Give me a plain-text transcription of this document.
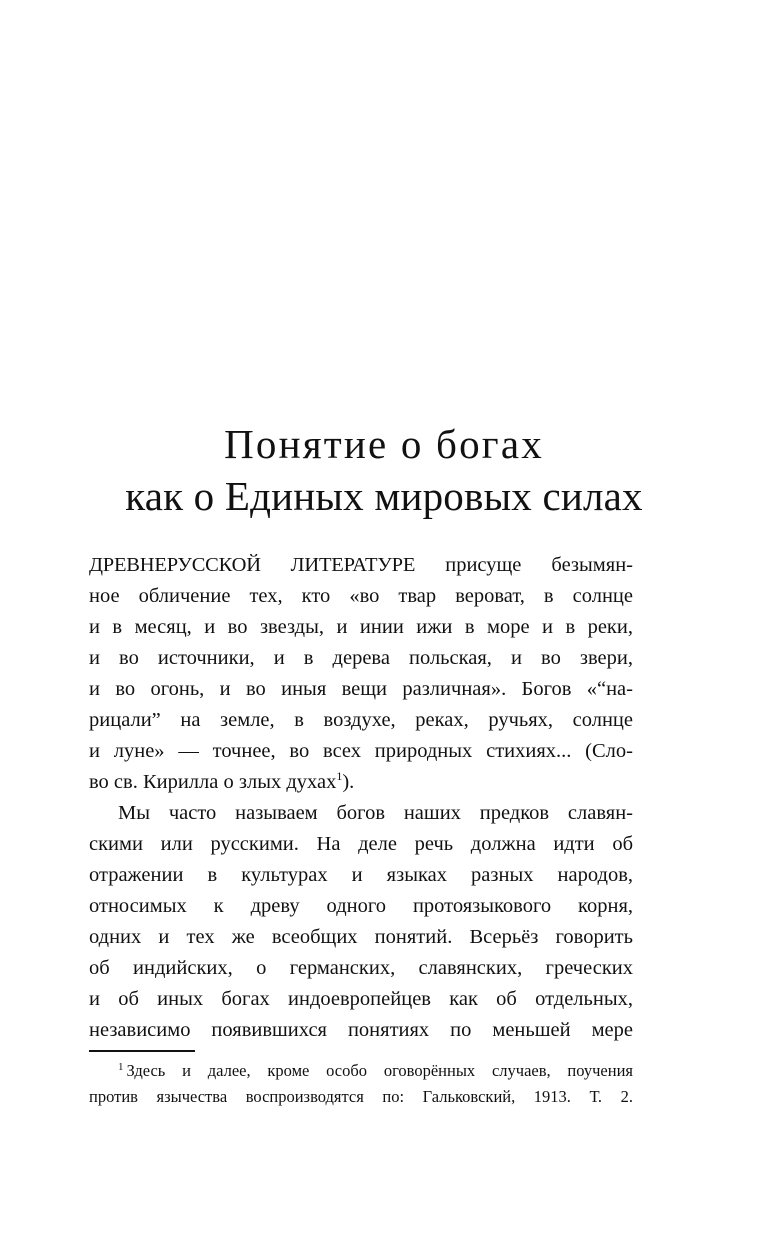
Понятие о богах
как о Единых мировых силах
ДРЕВНЕРУССКОЙ ЛИТЕРАТУРЕ присуще безымян-
ное обличение тех, кто «во твар вероват, в солнце
и в месяц, и во звезды, и инии ижи в море и в реки,
и во источники, и в дерева польская, и во звери,
и во огонь, и во иныя вещи различная». Богов «“на-
рицали” на земле, в воздухе, реках, ручьях, солнце
и луне» — точнее, во всех природных стихиях... (Сло-
во св. Кирилла о злых духах$^1$).
Мы часто называем богов наших предков славян-
скими или русскими. На деле речь должна идти об
отражении в культурах и языках разных народов,
относимых к древу одного протоязыкового корня,
одних и тех же всеобщих понятий. Всерьёз говорить
об индийских, о германских, славянских, греческих
и об иных богах индоевропейцев как об отдельных,
независимо появившихся понятиях по меньшей мере
$^1$ Здесь и далее, кроме особо оговорённых случаев, поучения
против язычества воспроизводятся по: Гальковский, 1913. Т. 2.
